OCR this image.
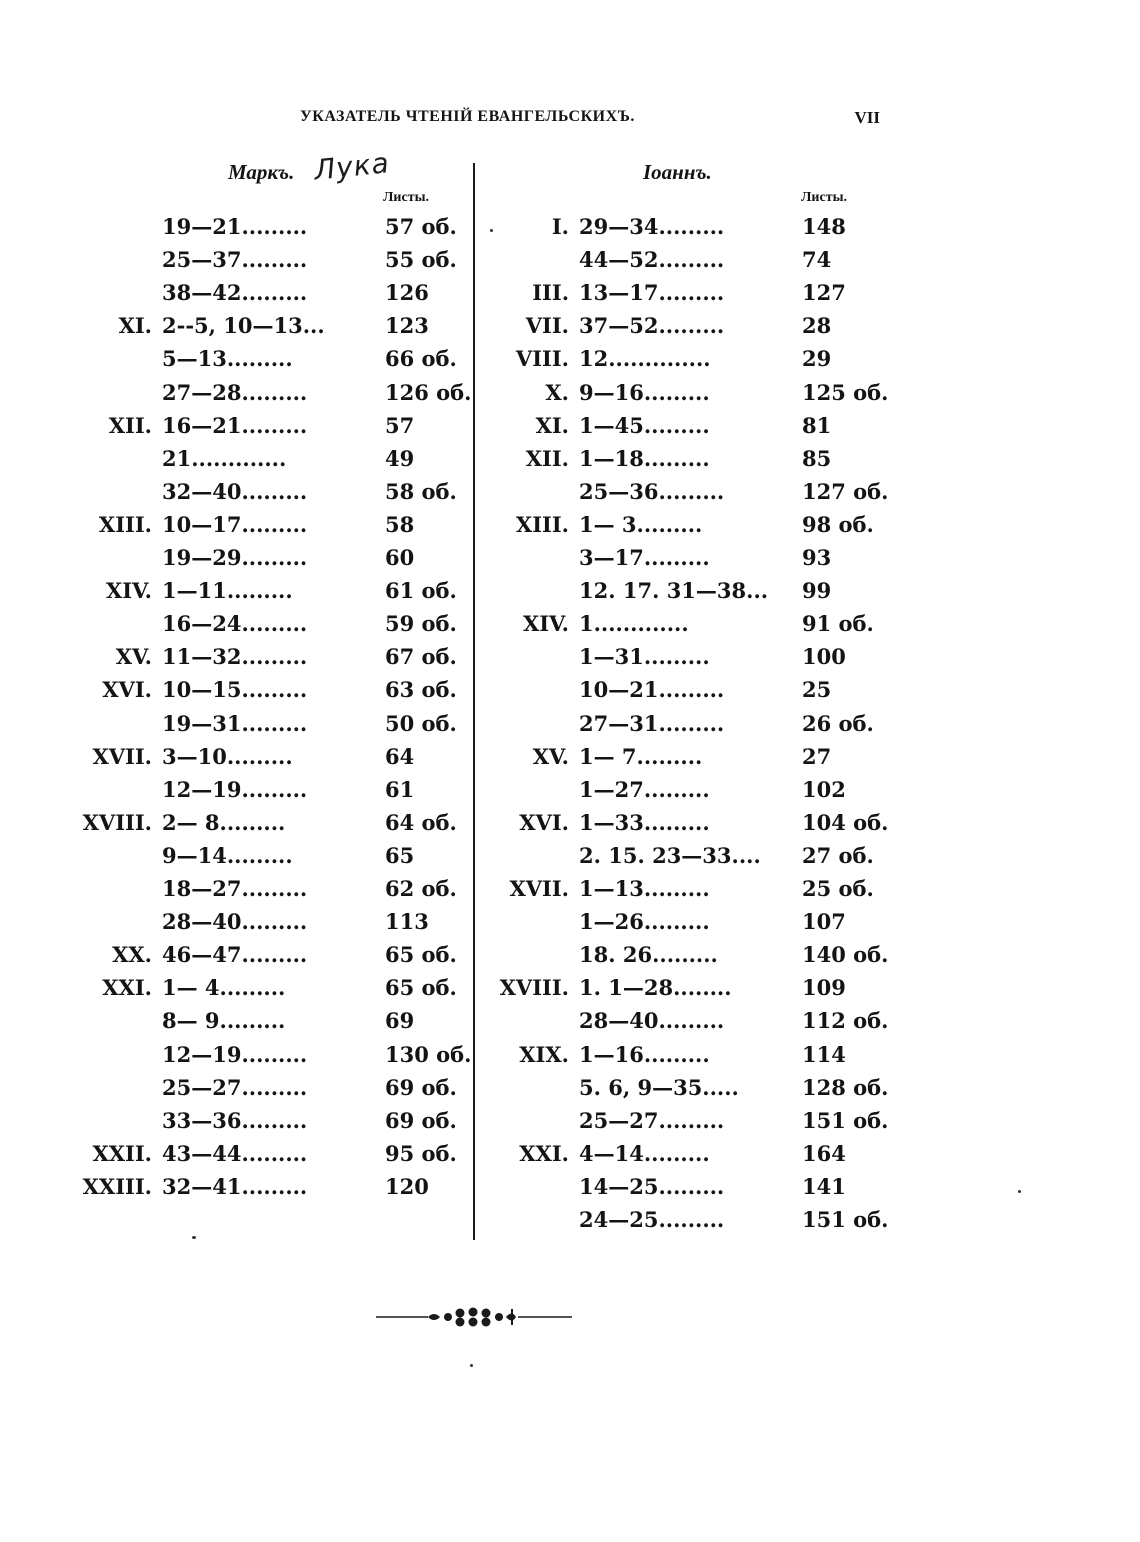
УКАЗАТЕЛЬ ЧТЕНІЙ ЕВАНГЕЛЬСКИХЪ.	VII
Маркъ. Лука
Листы.
Іоаннъ.
Листы.
19—21.........	57 об.
25—37.........	55 об.
38—42.........	126
XI. 2--5, 10—13...	123
5—13.........	66 об.
27—28.........	126 об.
XII. 16—21.........	57
21.............	49
32—40.........	58 об.
XIII. 10—17.........	58
19—29.........	60
XIV. 1—11.........	61 об.
16—24.........	59 об.
XV. 11—32.........	67 об.
XVI. 10—15.........	63 об.
19—31.........	50 об.
XVII. 3—10.........	64
12—19.........	61
XVIII. 2— 8.........	64 об.
9—14.........	65
18—27.........	62 об.
28—40.........	113
XX. 46—47.........	65 об.
XXI. 1— 4.........	65 об.
8— 9.........	69
12—19.........	130 об.
25—27.........	69 об.
33—36.........	69 об.
XXII. 43—44.........	95 об.
XXIII. 32—41.........	120
I. 29—34.........	148
44—52.........	74
III. 13—17.........	127
VII. 37—52.........	28
VIII. 12..............	29
X. 9—16.........	125 об.
XI. 1—45.........	81
XII. 1—18.........	85
25—36.........	127 об.
XIII. 1— 3.........	98 об.
3—17.........	93
12. 17. 31—38...	99
XIV. 1.............	91 об.
1—31.........	100
10—21.........	25
27—31.........	26 об.
XV. 1— 7.........	27
1—27.........	102
XVI. 1—33.........	104 об.
2. 15. 23—33....	27 об.
XVII. 1—13.........	25 об.
1—26.........	107
18. 26.........	140 об.
XVIII. 1. 1—28........	109
28—40.........	112 об.
XIX. 1—16.........	114
5. 6, 9—35.....	128 об.
25—27.........	151 об.
XXI. 4—14.........	164
14—25.........	141
24—25.........	151 об.
